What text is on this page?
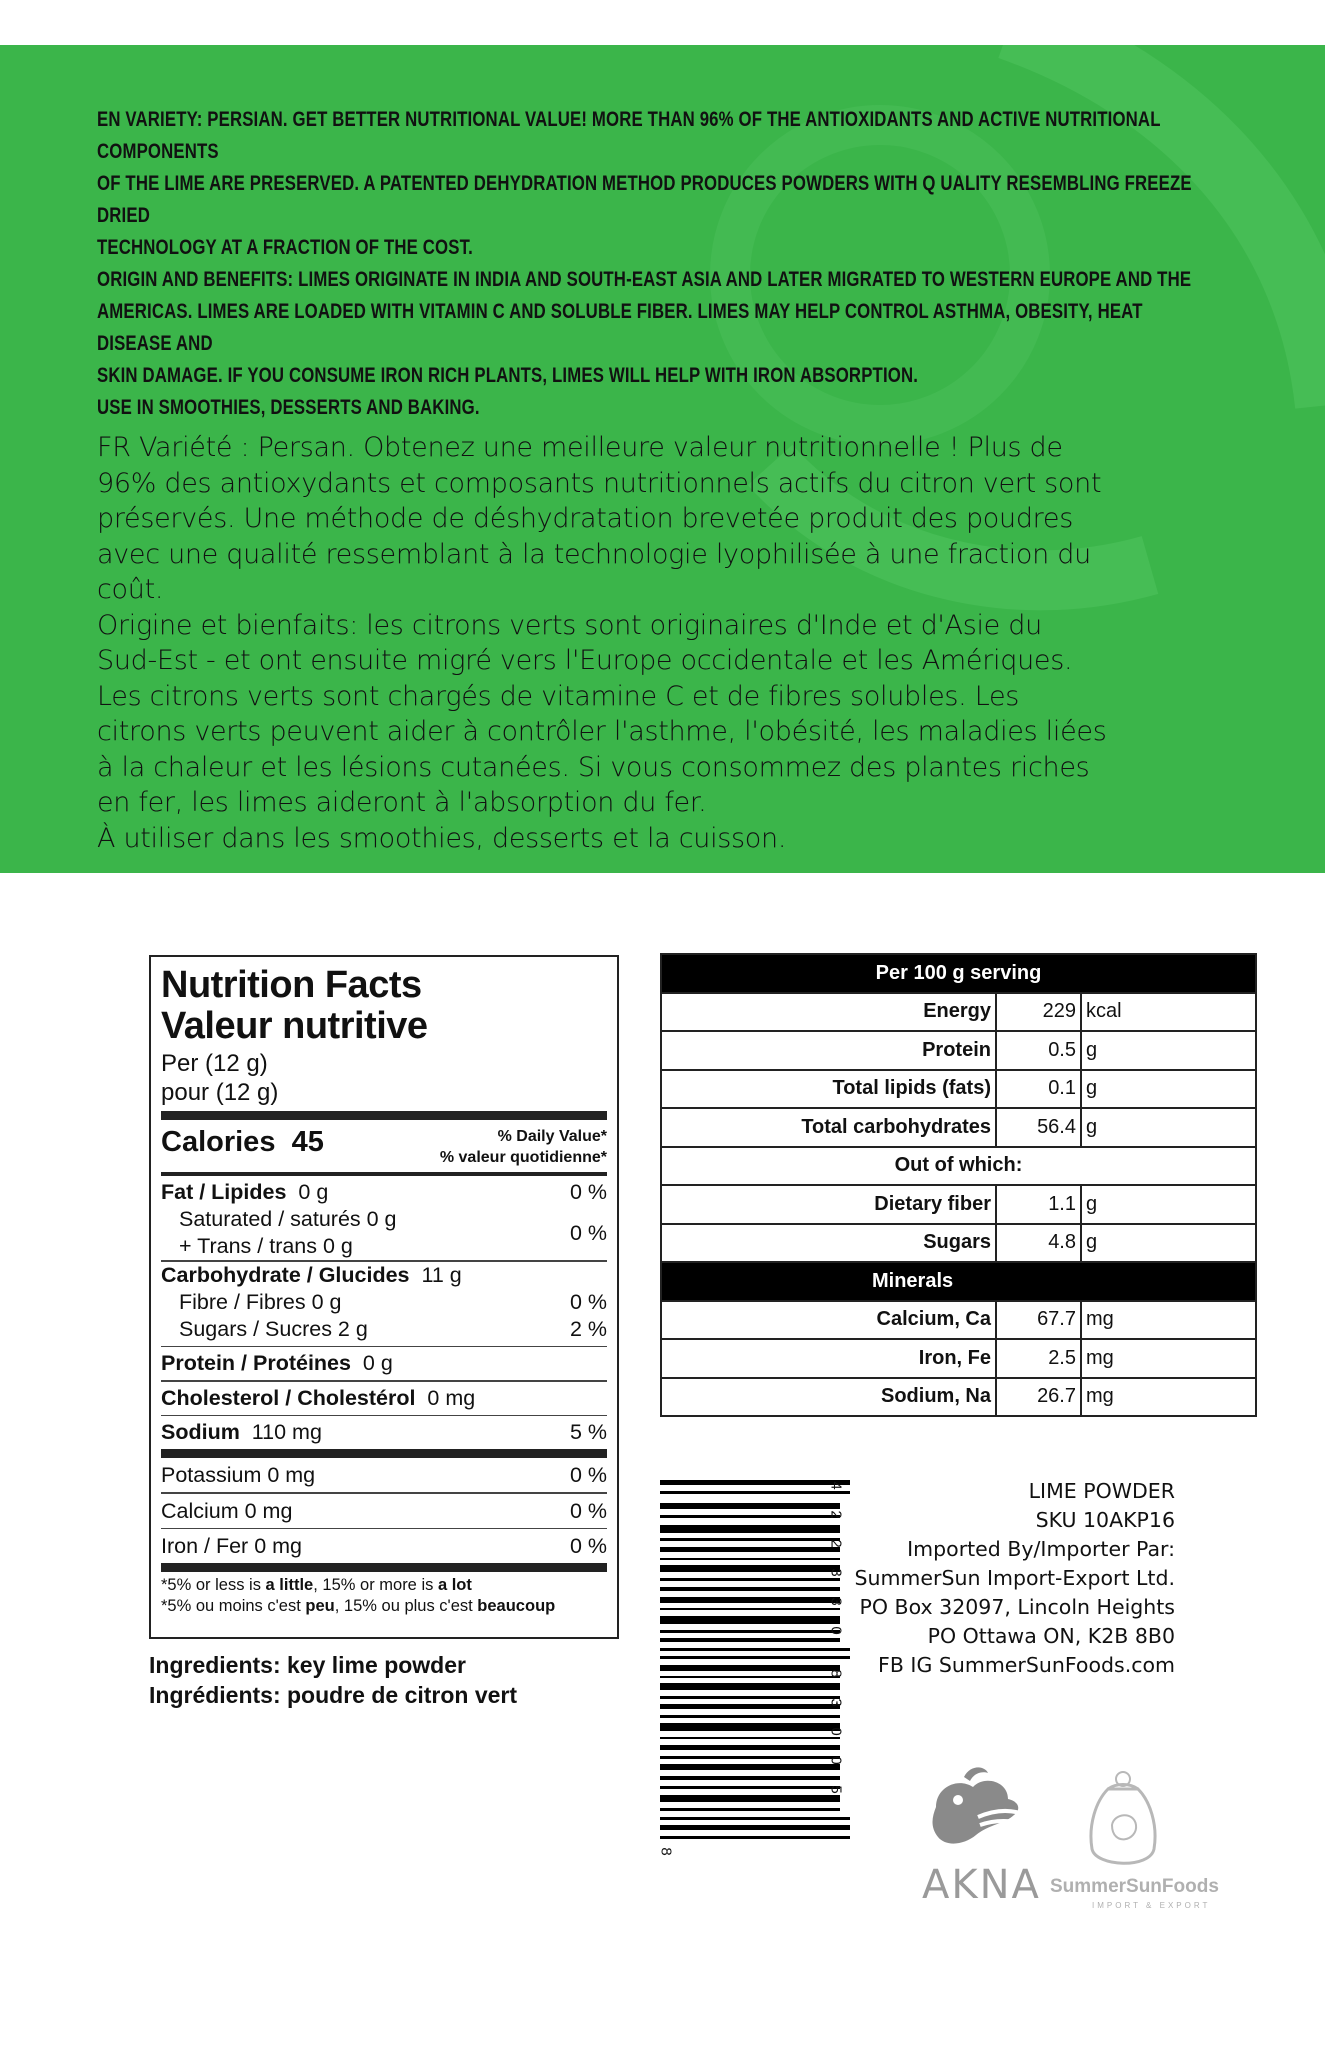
EN VARIETY: PERSIAN. GET BETTER NUTRITIONAL VALUE! MORE THAN 96% OF THE ANTIOXIDANTS AND ACTIVE NUTRITIONAL COMPONENTS

OF THE LIME ARE PRESERVED. A PATENTED DEHYDRATION METHOD PRODUCES POWDERS WITH Q UALITY RESEMBLING FREEZE DRIED

TECHNOLOGY AT A FRACTION OF THE COST.

ORIGIN AND BENEFITS: LIMES ORIGINATE IN INDIA AND SOUTH-EAST ASIA AND LATER MIGRATED TO WESTERN EUROPE AND THE

AMERICAS. LIMES ARE LOADED WITH VITAMIN C AND SOLUBLE FIBER. LIMES MAY HELP CONTROL ASTHMA, OBESITY, HEAT DISEASE AND

SKIN DAMAGE. IF YOU CONSUME IRON RICH PLANTS, LIMES WILL HELP WITH IRON ABSORPTION.

USE IN SMOOTHIES, DESSERTS AND BAKING.

FR Variété : Persan. Obtenez une meilleure valeur nutritionnelle ! Plus de

96% des antioxydants et composants nutritionnels actifs du citron vert sont

préservés. Une méthode de déshydratation brevetée produit des poudres

avec une qualité ressemblant à la technologie lyophilisée à une fraction du

coût.

Origine et bienfaits: les citrons verts sont originaires d'Inde et d'Asie du

Sud-Est - et ont ensuite migré vers l'Europe occidentale et les Amériques.

Les citrons verts sont chargés de vitamine C et de fibres solubles. Les

citrons verts peuvent aider à contrôler l'asthme, l'obésité, les maladies liées

à la chaleur et les lésions cutanées. Si vous consommez des plantes riches

en fer, les limes aideront à l'absorption du fer.

À utiliser dans les smoothies, desserts et la cuisson.

Nutrition Facts
Valeur nutritive
Per (12 g)
pour (12 g)
Calories 45	% Daily Value*
% valeur quotidienne*
Fat / Lipides 0 g	0 %
Saturated / saturés 0 g
0 %
+ Trans / trans 0 g
Carbohydrate / Glucides 11 g
Fibre / Fibres 0 g	0 %
Sugars / Sucres 2 g	2 %
Protein / Protéines 0 g
Cholesterol / Cholestérol 0 mg
Sodium 110 mg	5 %
Potassium 0 mg	0 %
Calcium 0 mg	0 %
Iron / Fer 0 mg	0 %
*5% or less is a little, 15% or more is a lot
*5% ou moins c'est peu, 15% ou plus c'est beaucoup
Ingredients: key lime powder
Ingrédients: poudre de citron vert
Per 100 g serving		
Energy	229	kcal
Protein	0.5	g
Total lipids (fats)	0.1	g
Total carbohydrates	56.4	g
Out of which:		
Dietary fiber	1.1	g
Sugars	4.8	g
Minerals		
Calcium, Ca	67.7	mg
Iron, Fe	2.5	mg
Sodium, Na	26.7	mg
4
2
2
3
3
0
8
3
0
0
5
8

LIME POWDER

SKU 10AKP16

Imported By/Importer Par:

SummerSun Import-Export Ltd.

PO Box 32097, Lincoln Heights

PO Ottawa ON, K2B 8B0

FB IG SummerSunFoods.com

AKNA SummerSunFoods
IMPORT & EXPORT
